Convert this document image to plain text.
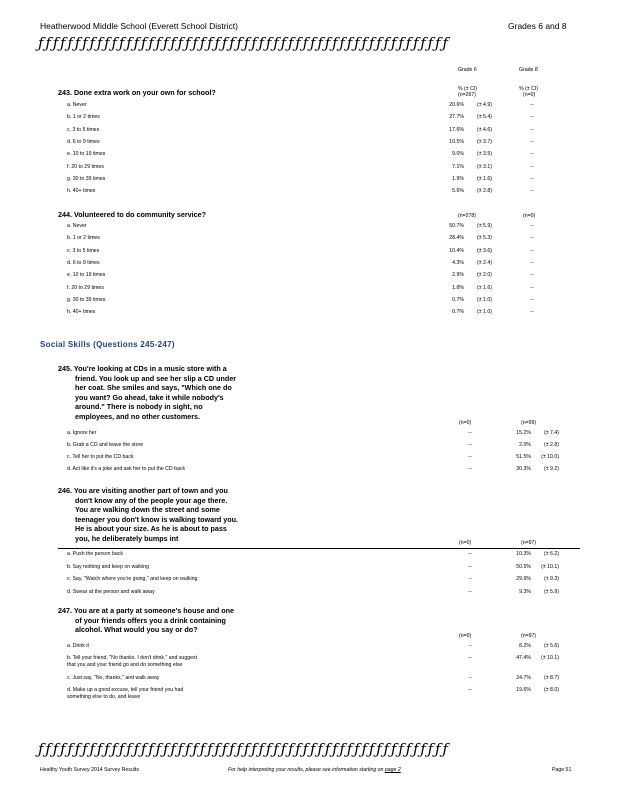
Heatherwood Middle School (Everett School District)	Grades 6 and 8
ƒƒƒƒƒƒƒƒƒƒƒƒƒƒƒƒƒƒƒƒƒƒƒƒƒƒƒƒƒƒƒƒƒƒƒƒƒƒƒƒƒƒƒƒƒƒƒƒƒƒƒƒƒƒƒƒ
Grade 6	Grade 8
% (± CI)	% (± CI)
243. Done extra work on your own for school?	(n=267)	(n=0)
a. Never	20.6%	(± 4.9)	--
b. 1 or 2 times	27.7%	(± 5.4)	--
c. 3 to 5 times	17.6%	(± 4.6)	--
d. 6 to 9 times	10.5%	(± 3.7)	--
e. 10 to 19 times	9.0%	(± 3.5)	--
f. 20 to 29 times	7.1%	(± 3.1)	--
g. 30 to 39 times	1.9%	(± 1.6)	--
h. 40+ times	5.6%	(± 2.8)	--
244. Volunteered to do community service?	(n=278)	(n=0)
a. Never	50.7%	(± 5.9)	--
b. 1 or 2 times	28.4%	(± 5.3)	--
c. 3 to 5 times	10.4%	(± 3.6)	--
d. 6 to 9 times	4.3%	(± 2.4)	--
e. 10 to 19 times	2.9%	(± 2.0)	--
f. 20 to 29 times	1.8%	(± 1.6)	--
g. 30 to 39 times	0.7%	(± 1.0)	--
h. 40+ times	0.7%	(± 1.0)	--
Social Skills (Questions 245-247)
245. You're looking at CDs in a music store with a
friend. You look up and see her slip a CD under
her coat. She smiles and says, "Which one do
you want? Go ahead, take it while nobody's
around." There is nobody in sight, no
employees, and no other customers.
(n=0)	(n=99)
a. Ignore her	--	15.2%	(± 7.4)
b. Grab a CD and leave the store	--	2.0%	(± 2.8)
c. Tell her to put the CD back	--	51.5%	(± 10.0)
d. Act like it's a joke and ask her to put the CD back	--	30.3%	(± 9.2)
246. You are visiting another part of town and you
don't know any of the people your age there.
You are walking down the street and some
teenager you don't know is walking toward you.
He is about your size. As he is about to pass
you, he deliberately bumps int
(n=0)	(n=97)
a. Push the person back	--	10.3%	(± 6.2)
b. Say nothing and keep on walking	--	50.5%	(± 10.1)
c. Say, "Watch where you're going," and keep on walking	--	29.9%	(± 9.3)
d. Swear at the person and walk away	--	9.3%	(± 5.9)
247. You are at a party at someone's house and one
of your friends offers you a drink containing
alcohol. What would you say or do?
(n=0)	(n=97)
a. Drink it	--	8.2%	(± 5.6)
b. Tell your friend, "No thanks. I don't drink," and suggest
that you and your friend go and do something else
--	47.4%	(± 10.1)
c. Just say, "No, thanks," and walk away	--	24.7%	(± 8.7)
d. Make up a good excuse, tell your friend you had
something else to do, and leave
--	19.6%	(± 8.0)
ƒƒƒƒƒƒƒƒƒƒƒƒƒƒƒƒƒƒƒƒƒƒƒƒƒƒƒƒƒƒƒƒƒƒƒƒƒƒƒƒƒƒƒƒƒƒƒƒƒƒƒƒƒƒƒƒ
Healthy Youth Survey 2014 Survey Results	For help interpreting your results, please see information starting on page 2	Page 51
